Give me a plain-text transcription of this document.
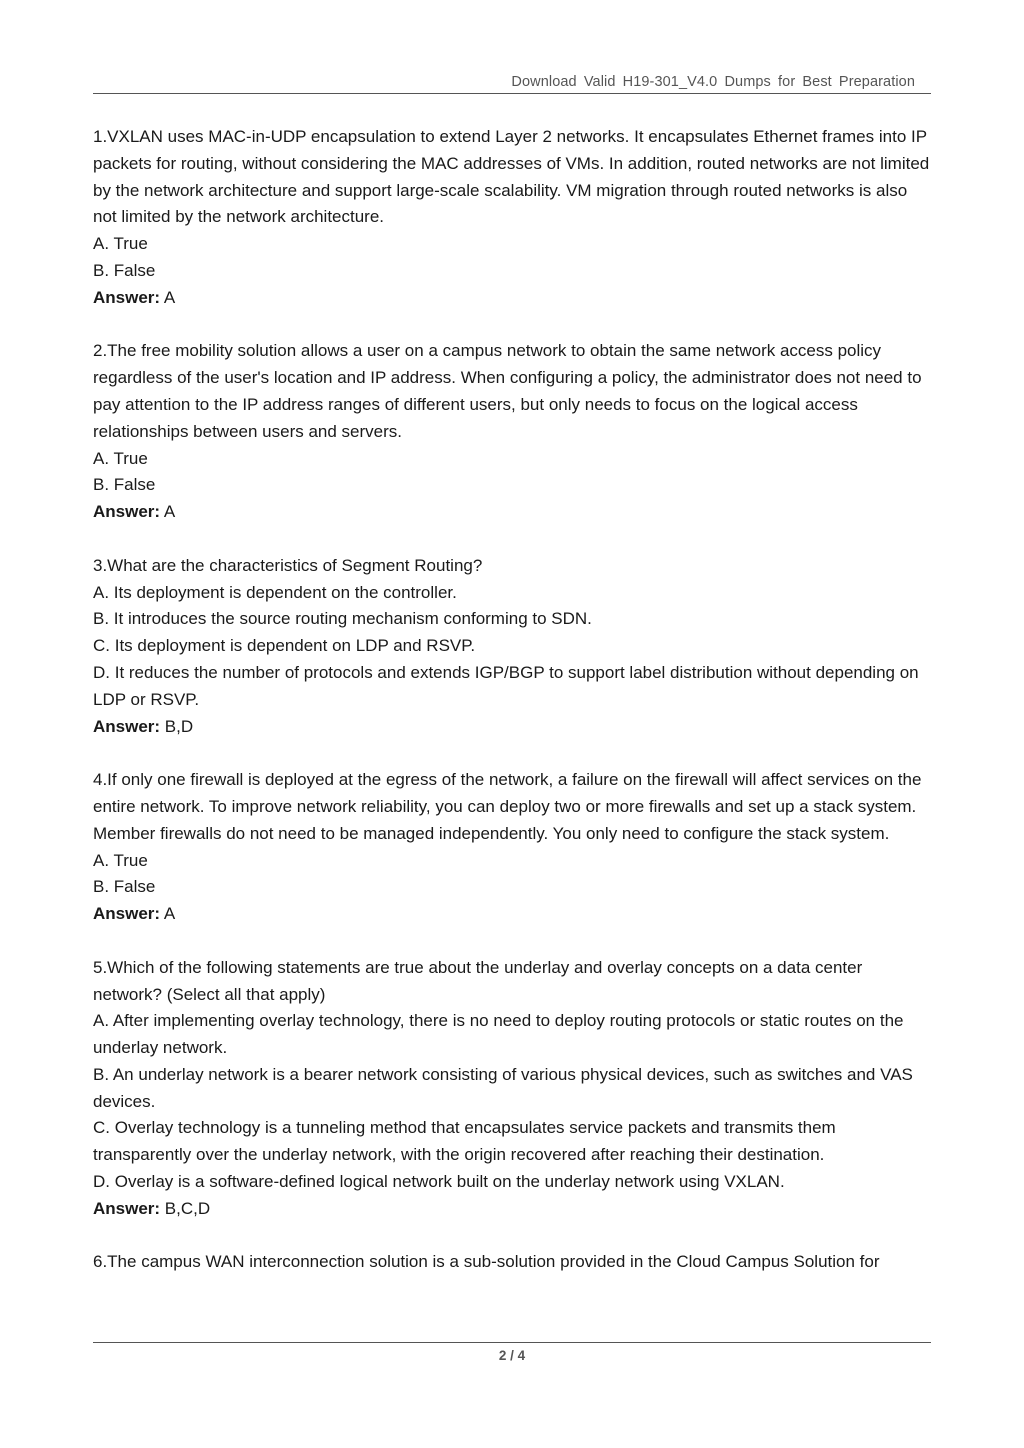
Download Valid H19-301_V4.0 Dumps for Best Preparation

1.VXLAN uses MAC-in-UDP encapsulation to extend Layer 2 networks. It encapsulates Ethernet frames into IP packets for routing, without considering the MAC addresses of VMs. In addition, routed networks are not limited by the network architecture and support large-scale scalability. VM migration through routed networks is also not limited by the network architecture.

A. True

B. False

Answer: A

2.The free mobility solution allows a user on a campus network to obtain the same network access policy regardless of the user's location and IP address. When configuring a policy, the administrator does not need to pay attention to the IP address ranges of different users, but only needs to focus on the logical access relationships between users and servers.

A. True

B. False

Answer: A

3.What are the characteristics of Segment Routing?

A. Its deployment is dependent on the controller.

B. It introduces the source routing mechanism conforming to SDN.

C. Its deployment is dependent on LDP and RSVP.

D. It reduces the number of protocols and extends IGP/BGP to support label distribution without depending on LDP or RSVP.

Answer: B,D

4.If only one firewall is deployed at the egress of the network, a failure on the firewall will affect services on the entire network. To improve network reliability, you can deploy two or more firewalls and set up a stack system. Member firewalls do not need to be managed independently. You only need to configure the stack system.

A. True

B. False

Answer: A

5.Which of the following statements are true about the underlay and overlay concepts on a data center network? (Select all that apply)

A. After implementing overlay technology, there is no need to deploy routing protocols or static routes on the underlay network.

B. An underlay network is a bearer network consisting of various physical devices, such as switches and VAS devices.

C. Overlay technology is a tunneling method that encapsulates service packets and transmits them transparently over the underlay network, with the origin recovered after reaching their destination.

D. Overlay is a software-defined logical network built on the underlay network using VXLAN.

Answer: B,C,D

6.The campus WAN interconnection solution is a sub-solution provided in the Cloud Campus Solution for

2 / 4
